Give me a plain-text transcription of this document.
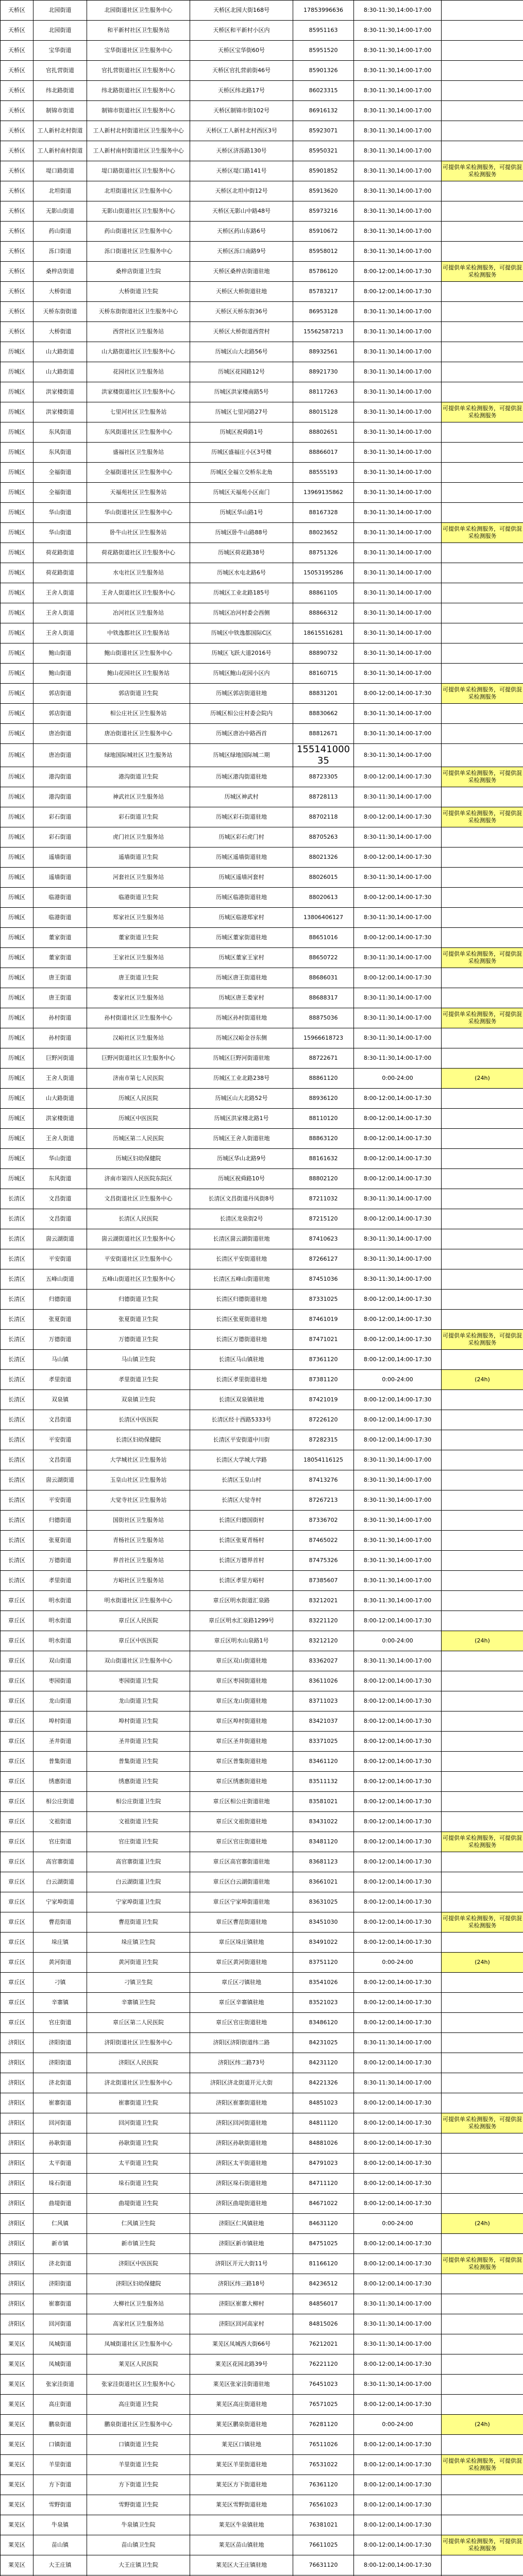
天桥区	北园街道	北园街道社区卫生服务中心	天桥区北园大街168号	17853996636	8:30-11:30,14:00-17:00	
天桥区	北园街道	和平新村社区卫生服务站	天桥区和平新村小区内	85951163	8:30-11:30,14:00-17:00	
天桥区	宝华街道	宝华街道社区卫生服务中心	天桥区宝华街60号	85951520	8:30-11:30,14:00-17:00	
天桥区	官扎营街道	官扎营街道社区卫生服务中心	天桥区官扎营前街46号	85901326	8:30-11:30,14:00-17:00	
天桥区	纬北路街道	纬北路街道社区卫生服务中心	天桥区纬北路17号	86023315	8:30-11:30,14:00-17:00	
天桥区	制锦市街道	制锦市街道社区卫生服务中心	天桥区制锦市街102号	86916132	8:30-11:30,14:00-17:00	
天桥区	工人新村北村街道	工人新村北村街道社区卫生服务中心	天桥区工人新村北村西区3号	85923071	8:30-11:30,14:00-17:00	
天桥区	工人新村南村街道	工人新村南村街道社区卫生服务中心	天桥区济泺路130号	85950321	8:30-11:30,14:00-17:00	
天桥区	堤口路街道	堤口路街道社区卫生服务中心	天桥区堤口路141号	85901852	8:30-11:30,14:00-17:00	可提供单采检测服务，可提供混采检测服务
天桥区	北坦街道	北坦街道社区卫生服务中心	天桥区北坦中街12号	85913620	8:30-11:30,14:00-17:00	
天桥区	无影山街道	无影山街道社区卫生服务中心	天桥区无影山中路48号	85973216	8:30-11:30,14:00-17:00	
天桥区	药山街道	药山街道社区卫生服务中心	天桥区药山东路6号	85910672	8:30-11:30,14:00-17:00	
天桥区	泺口街道	泺口街道社区卫生服务中心	天桥区泺口南路9号	85958012	8:30-11:30,14:00-17:00	
天桥区	桑梓店街道	桑梓店街道卫生院	天桥区桑梓店街道驻地	85786120	8:00-12:00,14:00-17:30	可提供单采检测服务，可提供混采检测服务
天桥区	大桥街道	大桥街道卫生院	天桥区大桥街道驻地	85783217	8:00-12:00,14:00-17:30	
天桥区	天桥东街街道	天桥东街街道社区卫生服务中心	天桥区天桥东街36号	86953128	8:30-11:30,14:00-17:00	
天桥区	大桥街道	西营社区卫生服务站	天桥区大桥街道西营村	15562587213	8:30-11:30,14:00-17:00	
历城区	山大路街道	山大路街道社区卫生服务中心	历城区山大北路56号	88932561	8:30-11:30,14:00-17:00	
历城区	山大路街道	花园社区卫生服务站	历城区花园路12号	88921730	8:30-11:30,14:00-17:00	
历城区	洪家楼街道	洪家楼街道社区卫生服务中心	历城区洪家楼南路5号	88117263	8:30-11:30,14:00-17:00	
历城区	洪家楼街道	七里河社区卫生服务站	历城区七里河路27号	88015128	8:30-11:30,14:00-17:00	可提供单采检测服务，可提供混采检测服务
历城区	东风街道	东风街道社区卫生服务中心	历城区祝舜路1号	88802651	8:30-11:30,14:00-17:00	
历城区	东风街道	盛福社区卫生服务站	历城区盛福庄小区3号楼	88866017	8:30-11:30,14:00-17:00	
历城区	全福街道	全福街道社区卫生服务中心	历城区全福立交桥东北角	88555193	8:30-11:30,14:00-17:00	
历城区	全福街道	天福苑社区卫生服务站	历城区天福苑小区南门	13969135862	8:30-11:30,14:00-17:00	
历城区	华山街道	华山街道社区卫生服务中心	历城区华山路1号	88167328	8:30-11:30,14:00-17:00	
历城区	华山街道	卧牛山社区卫生服务站	历城区卧牛山路88号	88023652	8:30-11:30,14:00-17:00	可提供单采检测服务，可提供混采检测服务
历城区	荷花路街道	荷花路街道社区卫生服务中心	历城区荷花路38号	88751326	8:30-11:30,14:00-17:00	
历城区	荷花路街道	水屯社区卫生服务站	历城区水屯北路6号	15053195286	8:30-11:30,14:00-17:00	
历城区	王舍人街道	王舍人街道社区卫生服务中心	历城区工业北路185号	88861105	8:30-11:30,14:00-17:00	
历城区	王舍人街道	冶河社区卫生服务站	历城区冶河村委会西侧	88866312	8:30-11:30,14:00-17:00	
历城区	王舍人街道	中铁逸都社区卫生服务站	历城区中铁逸都国际C区	18615516281	8:30-11:30,14:00-17:00	
历城区	鲍山街道	鲍山街道社区卫生服务中心	历城区飞跃大道2016号	88890732	8:30-11:30,14:00-17:00	
历城区	鲍山街道	鲍山花园社区卫生服务站	历城区鲍山花园小区内	88160715	8:30-11:30,14:00-17:00	
历城区	郭店街道	郭店街道卫生院	历城区郭店街道驻地	88831201	8:00-12:00,14:00-17:30	可提供单采检测服务，可提供混采检测服务
历城区	郭店街道	相公庄社区卫生服务站	历城区相公庄村委会院内	88830662	8:30-11:30,14:00-17:00	
历城区	唐冶街道	唐冶街道社区卫生服务中心	历城区唐冶中路西首	88812671	8:30-11:30,14:00-17:00	
历城区	唐冶街道	绿地国际城社区卫生服务站	历城区绿地国际城二期	15514100035	8:30-11:30,14:00-17:00	
历城区	港沟街道	港沟街道卫生院	历城区港沟街道驻地	88723305	8:00-12:00,14:00-17:30	可提供单采检测服务，可提供混采检测服务
历城区	港沟街道	神武社区卫生服务站	历城区神武村	88728113	8:30-11:30,14:00-17:00	
历城区	彩石街道	彩石街道卫生院	历城区彩石街道驻地	88702118	8:00-12:00,14:00-17:30	可提供单采检测服务，可提供混采检测服务
历城区	彩石街道	虎门社区卫生服务站	历城区彩石虎门村	88705263	8:30-11:30,14:00-17:00	
历城区	遥墙街道	遥墙街道卫生院	历城区遥墙街道驻地	88021326	8:00-12:00,14:00-17:30	
历城区	遥墙街道	河套社区卫生服务站	历城区遥墙河套村	88026015	8:30-11:30,14:00-17:00	
历城区	临港街道	临港街道卫生院	历城区临港街道驻地	88020613	8:00-12:00,14:00-17:30	
历城区	临港街道	郑家社区卫生服务站	历城区临港郑家村	13806406127	8:30-11:30,14:00-17:00	
历城区	董家街道	董家街道卫生院	历城区董家街道驻地	88651016	8:00-12:00,14:00-17:30	
历城区	董家街道	王家社区卫生服务站	历城区董家王家村	88650722	8:30-11:30,14:00-17:00	可提供单采检测服务，可提供混采检测服务
历城区	唐王街道	唐王街道卫生院	历城区唐王街道驻地	88686031	8:00-12:00,14:00-17:30	
历城区	唐王街道	娄家社区卫生服务站	历城区唐王娄家村	88688317	8:30-11:30,14:00-17:00	
历城区	孙村街道	孙村街道社区卫生服务中心	历城区孙村街道驻地	88875036	8:30-11:30,14:00-17:00	可提供单采检测服务，可提供混采检测服务
历城区	孙村街道	汉峪社区卫生服务站	历城区汉峪金谷东侧	15966618723	8:30-11:30,14:00-17:00	
历城区	巨野河街道	巨野河街道社区卫生服务中心	历城区巨野河街道驻地	88722671	8:30-11:30,14:00-17:00	
历城区	王舍人街道	济南市第七人民医院	历城区工业北路238号	88861120	0:00-24:00	(24h)
历城区	山大路街道	历城区人民医院	历城区山大北路52号	88936120	8:00-12:00,14:00-17:30	
历城区	洪家楼街道	历城区中医医院	历城区洪家楼北路1号	88110120	8:00-12:00,14:00-17:30	
历城区	王舍人街道	历城区第二人民医院	历城区王舍人街道驻地	88863120	8:00-12:00,14:00-17:30	
历城区	华山街道	历城区妇幼保健院	历城区华山北路9号	88161632	8:00-12:00,14:00-17:30	
历城区	东风街道	济南市第四人民医院东院区	历城区祝舜路10号	88802120	8:00-12:00,14:00-17:30	
长清区	文昌街道	文昌街道社区卫生服务中心	长清区文昌街道丹凤街8号	87211032	8:30-11:30,14:00-17:00	
长清区	文昌街道	长清区人民医院	长清区龙泉街2号	87215120	8:00-12:00,14:00-17:30	
长清区	崮云湖街道	崮云湖街道社区卫生服务中心	长清区崮云湖街道驻地	87410623	8:30-11:30,14:00-17:00	
长清区	平安街道	平安街道社区卫生服务中心	长清区平安街道驻地	87266127	8:30-11:30,14:00-17:00	
长清区	五峰山街道	五峰山街道社区卫生服务中心	长清区五峰山街道驻地	87451036	8:30-11:30,14:00-17:00	
长清区	归德街道	归德街道卫生院	长清区归德街道驻地	87331025	8:00-12:00,14:00-17:30	
长清区	张夏街道	张夏街道卫生院	长清区张夏街道驻地	87461019	8:00-12:00,14:00-17:30	
长清区	万德街道	万德街道卫生院	长清区万德街道驻地	87471021	8:00-12:00,14:00-17:30	可提供单采检测服务，可提供混采检测服务
长清区	马山镇	马山镇卫生院	长清区马山镇驻地	87361120	8:00-12:00,14:00-17:30	
长清区	孝里街道	孝里街道卫生院	长清区孝里街道驻地	87381120	0:00-24:00	(24h)
长清区	双泉镇	双泉镇卫生院	长清区双泉镇驻地	87421019	8:00-12:00,14:00-17:30	
长清区	文昌街道	长清区中医医院	长清区经十西路5333号	87226120	8:00-12:00,14:00-17:30	
长清区	平安街道	长清区妇幼保健院	长清区平安街道中川街	87282315	8:00-12:00,14:00-17:30	
长清区	文昌街道	大学城社区卫生服务站	长清区大学城大学路	18054116125	8:30-11:30,14:00-17:00	
长清区	崮云湖街道	玉皇山社区卫生服务站	长清区玉皇山村	87413276	8:30-11:30,14:00-17:00	
长清区	平安街道	大觉寺社区卫生服务站	长清区大觉寺村	87267213	8:30-11:30,14:00-17:00	
长清区	归德街道	国街社区卫生服务站	长清区归德国街村	87336702	8:30-11:30,14:00-17:00	
长清区	张夏街道	青杨社区卫生服务站	长清区张夏青杨村	87465022	8:30-11:30,14:00-17:00	
长清区	万德街道	界首社区卫生服务站	长清区万德界首村	87475326	8:30-11:30,14:00-17:00	
长清区	孝里街道	方峪社区卫生服务站	长清区孝里方峪村	87385607	8:30-11:30,14:00-17:00	
章丘区	明水街道	明水街道社区卫生服务中心	章丘区明水街道汇泉路	83212021	8:30-11:30,14:00-17:00	
章丘区	明水街道	章丘区人民医院	章丘区明水汇泉路1299号	83221120	8:00-12:00,14:00-17:30	
章丘区	明水街道	章丘区中医医院	章丘区明水山泉路1号	83212120	0:00-24:00	(24h)
章丘区	双山街道	双山街道社区卫生服务中心	章丘区双山街道驻地	83362027	8:30-11:30,14:00-17:00	
章丘区	枣园街道	枣园街道卫生院	章丘区枣园街道驻地	83611026	8:00-12:00,14:00-17:30	
章丘区	龙山街道	龙山街道卫生院	章丘区龙山街道驻地	83711023	8:00-12:00,14:00-17:30	
章丘区	埠村街道	埠村街道卫生院	章丘区埠村街道驻地	83421037	8:00-12:00,14:00-17:30	
章丘区	圣井街道	圣井街道卫生院	章丘区圣井街道驻地	83371025	8:00-12:00,14:00-17:30	
章丘区	普集街道	普集街道卫生院	章丘区普集街道驻地	83461120	8:00-12:00,14:00-17:30	
章丘区	绣惠街道	绣惠街道卫生院	章丘区绣惠街道驻地	83511132	8:00-12:00,14:00-17:30	
章丘区	相公庄街道	相公庄街道卫生院	章丘区相公庄街道驻地	83581021	8:00-12:00,14:00-17:30	
章丘区	文祖街道	文祖街道卫生院	章丘区文祖街道驻地	83431022	8:00-12:00,14:00-17:30	
章丘区	官庄街道	官庄街道卫生院	章丘区官庄街道驻地	83481120	8:00-12:00,14:00-17:30	可提供单采检测服务，可提供混采检测服务
章丘区	高官寨街道	高官寨街道卫生院	章丘区高官寨街道驻地	83681123	8:00-12:00,14:00-17:30	
章丘区	白云湖街道	白云湖街道卫生院	章丘区白云湖街道驻地	83661021	8:00-12:00,14:00-17:30	
章丘区	宁家埠街道	宁家埠街道卫生院	章丘区宁家埠街道驻地	83631025	8:00-12:00,14:00-17:30	
章丘区	曹范街道	曹范街道卫生院	章丘区曹范街道驻地	83451030	8:00-12:00,14:00-17:30	可提供单采检测服务，可提供混采检测服务
章丘区	垛庄镇	垛庄镇卫生院	章丘区垛庄镇驻地	83491022	8:00-12:00,14:00-17:30	
章丘区	黄河街道	黄河街道卫生院	章丘区黄河街道驻地	83751120	0:00-24:00	(24h)
章丘区	刁镇	刁镇卫生院	章丘区刁镇驻地	83541026	8:00-12:00,14:00-17:30	
章丘区	辛寨镇	辛寨镇卫生院	章丘区辛寨镇驻地	83521023	8:00-12:00,14:00-17:30	
章丘区	官庄街道	章丘区第二人民医院	章丘区官庄街道驻地	83486120	8:00-12:00,14:00-17:30	
济阳区	济阳街道	济阳街道社区卫生服务中心	济阳区济阳街道纬二路	84231025	8:30-11:30,14:00-17:00	
济阳区	济阳街道	济阳区人民医院	济阳区纬二路73号	84231120	8:00-12:00,14:00-17:30	
济阳区	济北街道	济北街道社区卫生服务中心	济阳区济北街道开元大街	84221326	8:30-11:30,14:00-17:00	
济阳区	崔寨街道	崔寨街道卫生院	济阳区崔寨街道驻地	84851023	8:00-12:00,14:00-17:30	
济阳区	回河街道	回河街道卫生院	济阳区回河街道驻地	84811120	8:00-12:00,14:00-17:30	可提供单采检测服务，可提供混采检测服务
济阳区	孙耿街道	孙耿街道卫生院	济阳区孙耿街道驻地	84881026	8:00-12:00,14:00-17:30	
济阳区	太平街道	太平街道卫生院	济阳区太平街道驻地	84791023	8:00-12:00,14:00-17:30	
济阳区	垛石街道	垛石街道卫生院	济阳区垛石街道驻地	84711120	8:00-12:00,14:00-17:30	
济阳区	曲堤街道	曲堤街道卫生院	济阳区曲堤街道驻地	84671022	8:00-12:00,14:00-17:30	
济阳区	仁风镇	仁风镇卫生院	济阳区仁风镇驻地	84631120	0:00-24:00	(24h)
济阳区	新市镇	新市镇卫生院	济阳区新市镇驻地	84751025	8:00-12:00,14:00-17:30	
济阳区	济北街道	济阳区中医医院	济阳区开元大街11号	81166120	8:00-12:00,14:00-17:30	可提供单采检测服务，可提供混采检测服务
济阳区	济阳街道	济阳区妇幼保健院	济阳区纬三路18号	84236512	8:00-12:00,14:00-17:30	
济阳区	崔寨街道	大柳社区卫生服务站	济阳区崔寨大柳村	84856017	8:30-11:30,14:00-17:00	
济阳区	回河街道	高家社区卫生服务站	济阳区回河高家村	84815026	8:30-11:30,14:00-17:00	
莱芜区	凤城街道	凤城街道社区卫生服务中心	莱芜区凤城西大街66号	76212021	8:30-11:30,14:00-17:00	
莱芜区	凤城街道	莱芜区人民医院	莱芜区花园北路39号	76221120	8:00-12:00,14:00-17:30	
莱芜区	张家洼街道	张家洼街道社区卫生服务中心	莱芜区张家洼街道驻地	76451023	8:30-11:30,14:00-17:00	
莱芜区	高庄街道	高庄街道卫生院	莱芜区高庄街道驻地	76571025	8:00-12:00,14:00-17:30	
莱芜区	鹏泉街道	鹏泉街道社区卫生服务中心	莱芜区鹏泉街道驻地	76281120	0:00-24:00	(24h)
莱芜区	口镇街道	口镇街道卫生院	莱芜区口镇驻地	76511026	8:00-12:00,14:00-17:30	
莱芜区	羊里街道	羊里街道卫生院	莱芜区羊里街道驻地	76531022	8:00-12:00,14:00-17:30	可提供单采检测服务，可提供混采检测服务
莱芜区	方下街道	方下街道卫生院	莱芜区方下街道驻地	76361120	8:00-12:00,14:00-17:30	
莱芜区	雪野街道	雪野街道卫生院	莱芜区雪野街道驻地	76561023	8:00-12:00,14:00-17:30	
莱芜区	牛泉镇	牛泉镇卫生院	莱芜区牛泉镇驻地	76381021	8:00-12:00,14:00-17:30	
莱芜区	苗山镇	苗山镇卫生院	莱芜区苗山镇驻地	76611025	8:00-12:00,14:00-17:30	可提供单采检测服务，可提供混采检测服务
莱芜区	大王庄镇	大王庄镇卫生院	莱芜区大王庄镇驻地	76631120	8:00-12:00,14:00-17:30	
